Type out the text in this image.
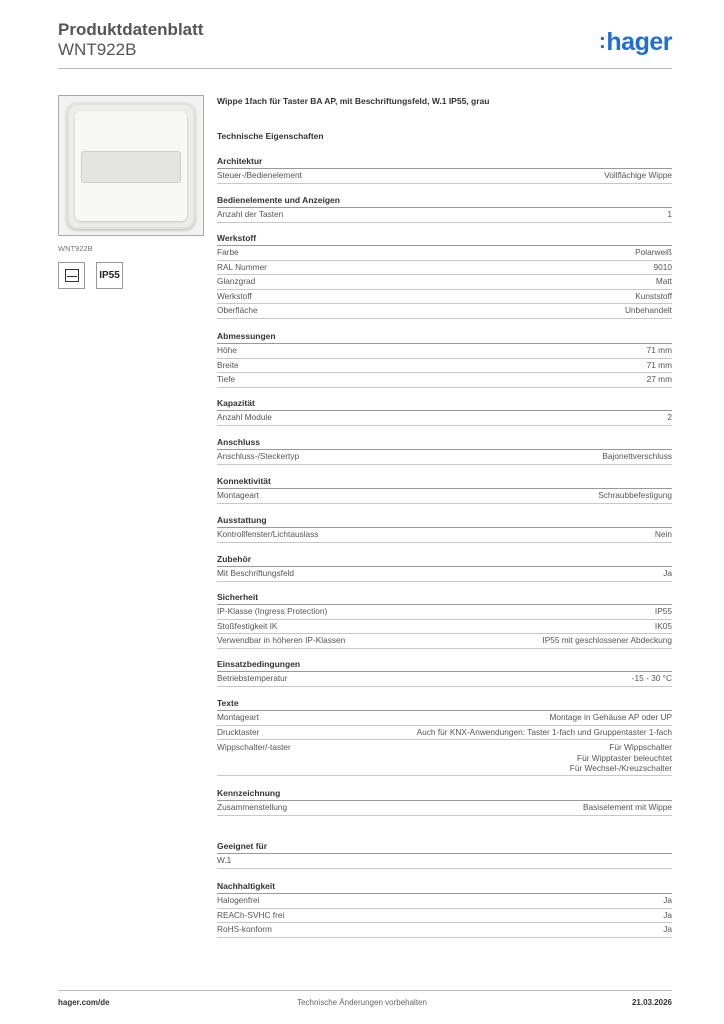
Produktdatenblatt
WNT922B	:hager
WNT922B
IP55
Wippe 1fach für Taster BA AP, mit Beschriftungsfeld, W.1 IP55, grau
Technische Eigenschaften
Architektur
Steuer-/Bedienelement	Vollflächige Wippe
Bedienelemente und Anzeigen
Anzahl der Tasten	1
Werkstoff
Farbe	Polarweiß
RAL Nummer	9010
Glanzgrad	Matt
Werkstoff	Kunststoff
Oberfläche	Unbehandelt
Abmessungen
Höhe	71 mm
Breite	71 mm
Tiefe	27 mm
Kapazität
Anzahl Module	2
Anschluss
Anschluss-/Steckertyp	Bajonettverschluss
Konnektivität
Montageart	Schraubbefestigung
Ausstattung
Kontrollfenster/Lichtauslass	Nein
Zubehör
Mit Beschriftungsfeld	Ja
Sicherheit
IP-Klasse (Ingress Protection)	IP55
Stoßfestigkeit IK	IK05
Verwendbar in höheren IP-Klassen	IP55 mit geschlossener Abdeckung
Einsatzbedingungen
Betriebstemperatur	-15 - 30 °C
Texte
Montageart	Montage in Gehäuse AP oder UP
Drucktaster	Auch für KNX-Anwendungen: Taster 1-fach und Gruppentaster 1-fach
Wippschalter/-taster	Für Wippschalter
Für Wipptaster beleuchtet
Für Wechsel-/Kreuzschalter
Kennzeichnung
Zusammenstellung	Basiselement mit Wippe
Geeignet für
W.1
Nachhaltigkeit
Halogenfrei	Ja
REACh-SVHC frei	Ja
RoHS-konform	Ja
Technische Änderungen vorbehalten
hager.com/de	21.03.2026
